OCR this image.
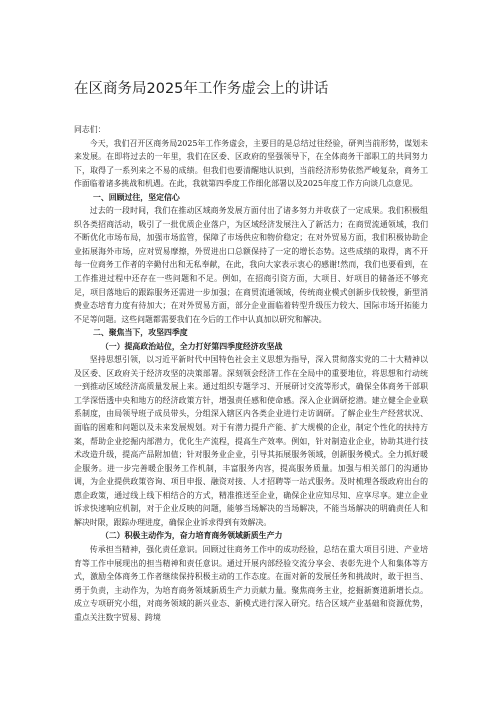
在区商务局2025年工作务虚会上的讲话

同志们：

今天，我们召开区商务局2025年工作务虚会，主要目的是总结过往经验，研判当前形势，谋划未来发展。在即将过去的一年里，我们在区委、区政府的坚强领导下，在全体商务干部职工的共同努力下，取得了一系列来之不易的成绩。但我们也要清醒地认识到，当前经济形势依然严峻复杂，商务工作面临着诸多挑战和机遇。在此，我就第四季度工作细化部署以及2025年度工作方向谈几点意见。

一、回顾过往，坚定信心

过去的一段时间，我们在推动区域商务发展方面付出了诸多努力并收获了一定成果。我们积极组织各类招商活动，吸引了一批优质企业落户，为区域经济发展注入了新活力；在商贸流通领域，我们不断优化市场布局，加强市场监管，保障了市场供应和物价稳定；在对外贸易方面，我们积极协助企业拓展海外市场，应对贸易摩擦，外贸进出口总额保持了一定的增长态势。这些成绩的取得，离不开每一位商务工作者的辛勤付出和无私奉献，在此，我向大家表示衷心的感谢!然而，我们也要看到，在工作推进过程中还存在一些问题和不足。例如，在招商引资方面，大项目、好项目的储备还不够充足，项目落地后的跟踪服务还需进一步加强；在商贸流通领域，传统商业模式创新步伐较慢，新型消费业态培育力度有待加大；在对外贸易方面，部分企业面临着转型升级压力较大、国际市场开拓能力不足等问题。这些问题都需要我们在今后的工作中认真加以研究和解决。

二、聚焦当下，攻坚四季度

（一）提高政治站位，全力打好第四季度经济攻坚战

坚持思想引领，以习近平新时代中国特色社会主义思想为指导，深入贯彻落实党的二十大精神以及区委、区政府关于经济攻坚的决策部署。深刻领会经济工作在全局中的重要地位，将思想和行动统一到推动区域经济高质量发展上来。通过组织专题学习、开展研讨交流等形式，确保全体商务干部职工学深悟透中央和地方的经济政策方针，增强责任感和使命感。深入企业调研挖潜。建立健全企业联系制度，由局领导班子成员带头，分组深入辖区内各类企业进行走访调研。了解企业生产经营状况、面临的困难和问题以及未来发展规划。对于有潜力提升产能、扩大规模的企业，制定个性化的扶持方案，帮助企业挖掘内部潜力，优化生产流程，提高生产效率。例如，针对制造业企业，协助其进行技术改造升级，提高产品附加值；针对服务业企业，引导其拓展服务领域，创新服务模式。全力抓好暖企服务。进一步完善暖企服务工作机制，丰富服务内容，提高服务质量。加强与相关部门的沟通协调，为企业提供政策咨询、项目申报、融资对接、人才招聘等一站式服务。及时梳理各级政府出台的惠企政策，通过线上线下相结合的方式，精准推送至企业，确保企业应知尽知、应享尽享。建立企业诉求快速响应机制，对于企业反映的问题，能够当场解决的当场解决，不能当场解决的明确责任人和解决时限，跟踪办理进度，确保企业诉求得到有效解决。

（二）积极主动作为，奋力培育商务领域新质生产力

传承担当精神，强化责任意识。回顾过往商务工作中的成功经验，总结在重大项目引进、产业培育等工作中展现出的担当精神和责任意识。通过开展内部经验交流分享会、表彰先进个人和集体等方式，激励全体商务工作者继续保持积极主动的工作态度。在面对新的发展任务和挑战时，敢于担当、勇于负责，主动作为，为培育商务领域新质生产力贡献力量。聚焦商务主业，挖掘新赛道新增长点。成立专项研究小组，对商务领域的新兴业态、新模式进行深入研究。结合区域产业基础和资源优势，重点关注数字贸易、跨境
